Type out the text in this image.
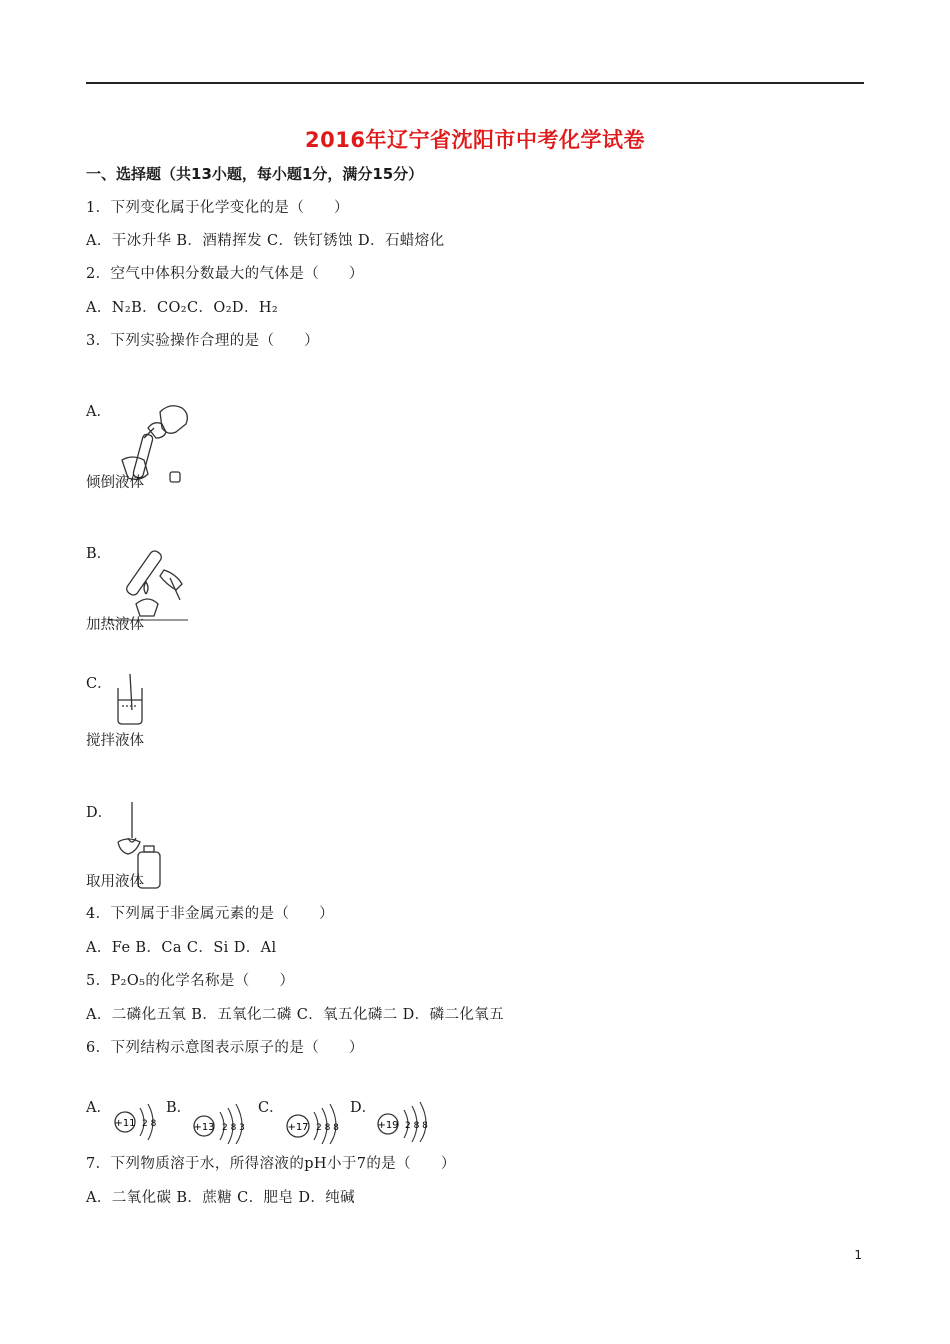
2016年辽宁省沈阳市中考化学试卷
一、选择题（共13小题，每小题1分，满分15分）
1．下列变化属于化学变化的是（　　）
A．干冰升华 B．酒精挥发 C．铁钉锈蚀 D．石蜡熔化
2．空气中体积分数最大的气体是（　　）
A．N₂B．CO₂C．O₂D．H₂
3．下列实验操作合理的是（　　）
A．
倾倒液体
B．
加热液体
C．
搅拌液体
D．
取用液体
4．下列属于非金属元素的是（　　）
A．Fe B．Ca C．Si D．Al
5．P₂O₅的化学名称是（　　）
A．二磷化五氧 B．五氧化二磷 C．氧五化磷二 D．磷二化氧五
6．下列结构示意图表示原子的是（　　）
A．
+11 2 8
B．
+13 2 8 3
C．
+17 2 8 8
D．
+19 2 8 8
7．下列物质溶于水，所得溶液的pH小于7的是（　　）
A．二氧化碳 B．蔗糖 C．肥皂 D．纯碱
1
